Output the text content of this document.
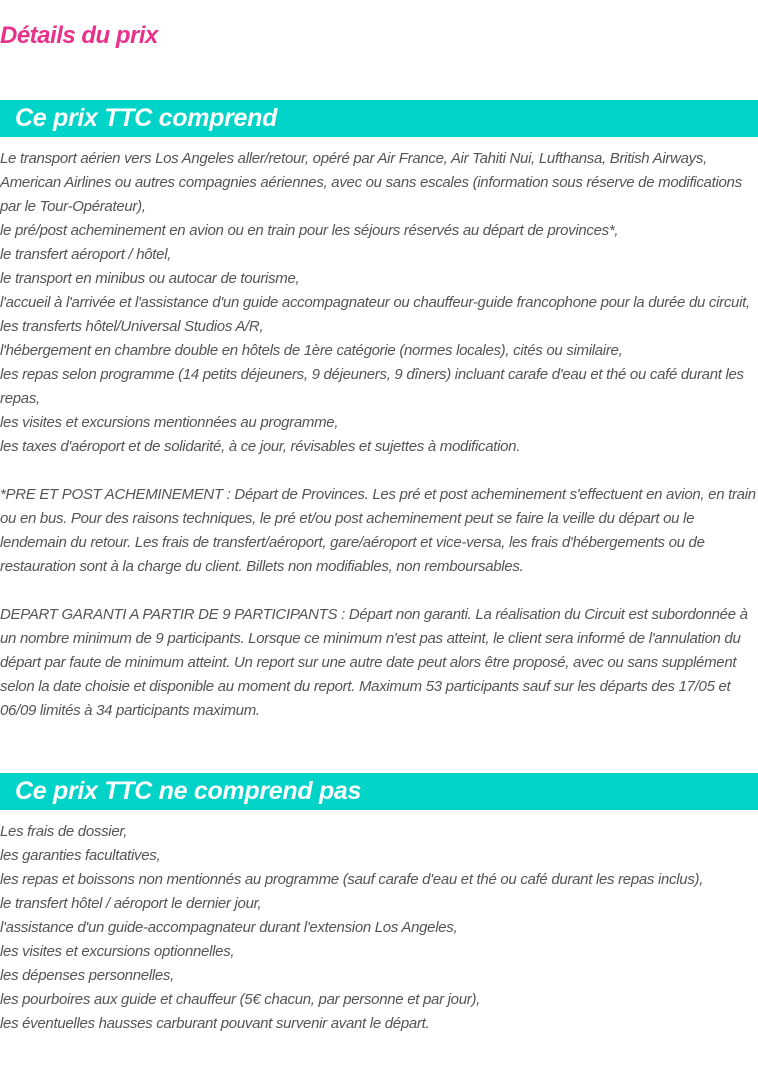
Détails du prix
Ce prix TTC comprend
Le transport aérien vers Los Angeles aller/retour, opéré par Air France, Air Tahiti Nui, Lufthansa, British Airways, American Airlines ou autres compagnies aériennes, avec ou sans escales (information sous réserve de modifications par le Tour-Opérateur),
le pré/post acheminement en avion ou en train pour les séjours réservés au départ de provinces*,
le transfert aéroport / hôtel,
le transport en minibus ou autocar de tourisme,
l'accueil à l'arrivée et l'assistance d'un guide accompagnateur ou chauffeur-guide francophone pour la durée du circuit,
les transferts hôtel/Universal Studios A/R,
l'hébergement en chambre double en hôtels de 1ère catégorie (normes locales), cités ou similaire,
les repas selon programme (14 petits déjeuners, 9 déjeuners, 9 dîners) incluant carafe d'eau et thé ou café durant les repas,
les visites et excursions mentionnées au programme,
les taxes d'aéroport et de solidarité, à ce jour, révisables et sujettes à modification.
*PRE ET POST ACHEMINEMENT : Départ de Provinces. Les pré et post acheminement s'effectuent en avion, en train ou en bus. Pour des raisons techniques, le pré et/ou post acheminement peut se faire la veille du départ ou le lendemain du retour. Les frais de transfert/aéroport, gare/aéroport et vice-versa, les frais d'hébergements ou de restauration sont à la charge du client. Billets non modifiables, non remboursables.
DEPART GARANTI A PARTIR DE 9 PARTICIPANTS : Départ non garanti. La réalisation du Circuit est subordonnée à un nombre minimum de 9 participants. Lorsque ce minimum n'est pas atteint, le client sera informé de l'annulation du départ par faute de minimum atteint. Un report sur une autre date peut alors être proposé, avec ou sans supplément selon la date choisie et disponible au moment du report. Maximum 53 participants sauf sur les départs des 17/05 et 06/09 limités à 34 participants maximum.
Ce prix TTC ne comprend pas
Les frais de dossier,
les garanties facultatives,
les repas et boissons non mentionnés au programme (sauf carafe d'eau et thé ou café durant les repas inclus),
le transfert hôtel / aéroport le dernier jour,
l'assistance d'un guide-accompagnateur durant l'extension Los Angeles,
les visites et excursions optionnelles,
les dépenses personnelles,
les pourboires aux guide et chauffeur (5€ chacun, par personne et par jour),
les éventuelles hausses carburant pouvant survenir avant le départ.
